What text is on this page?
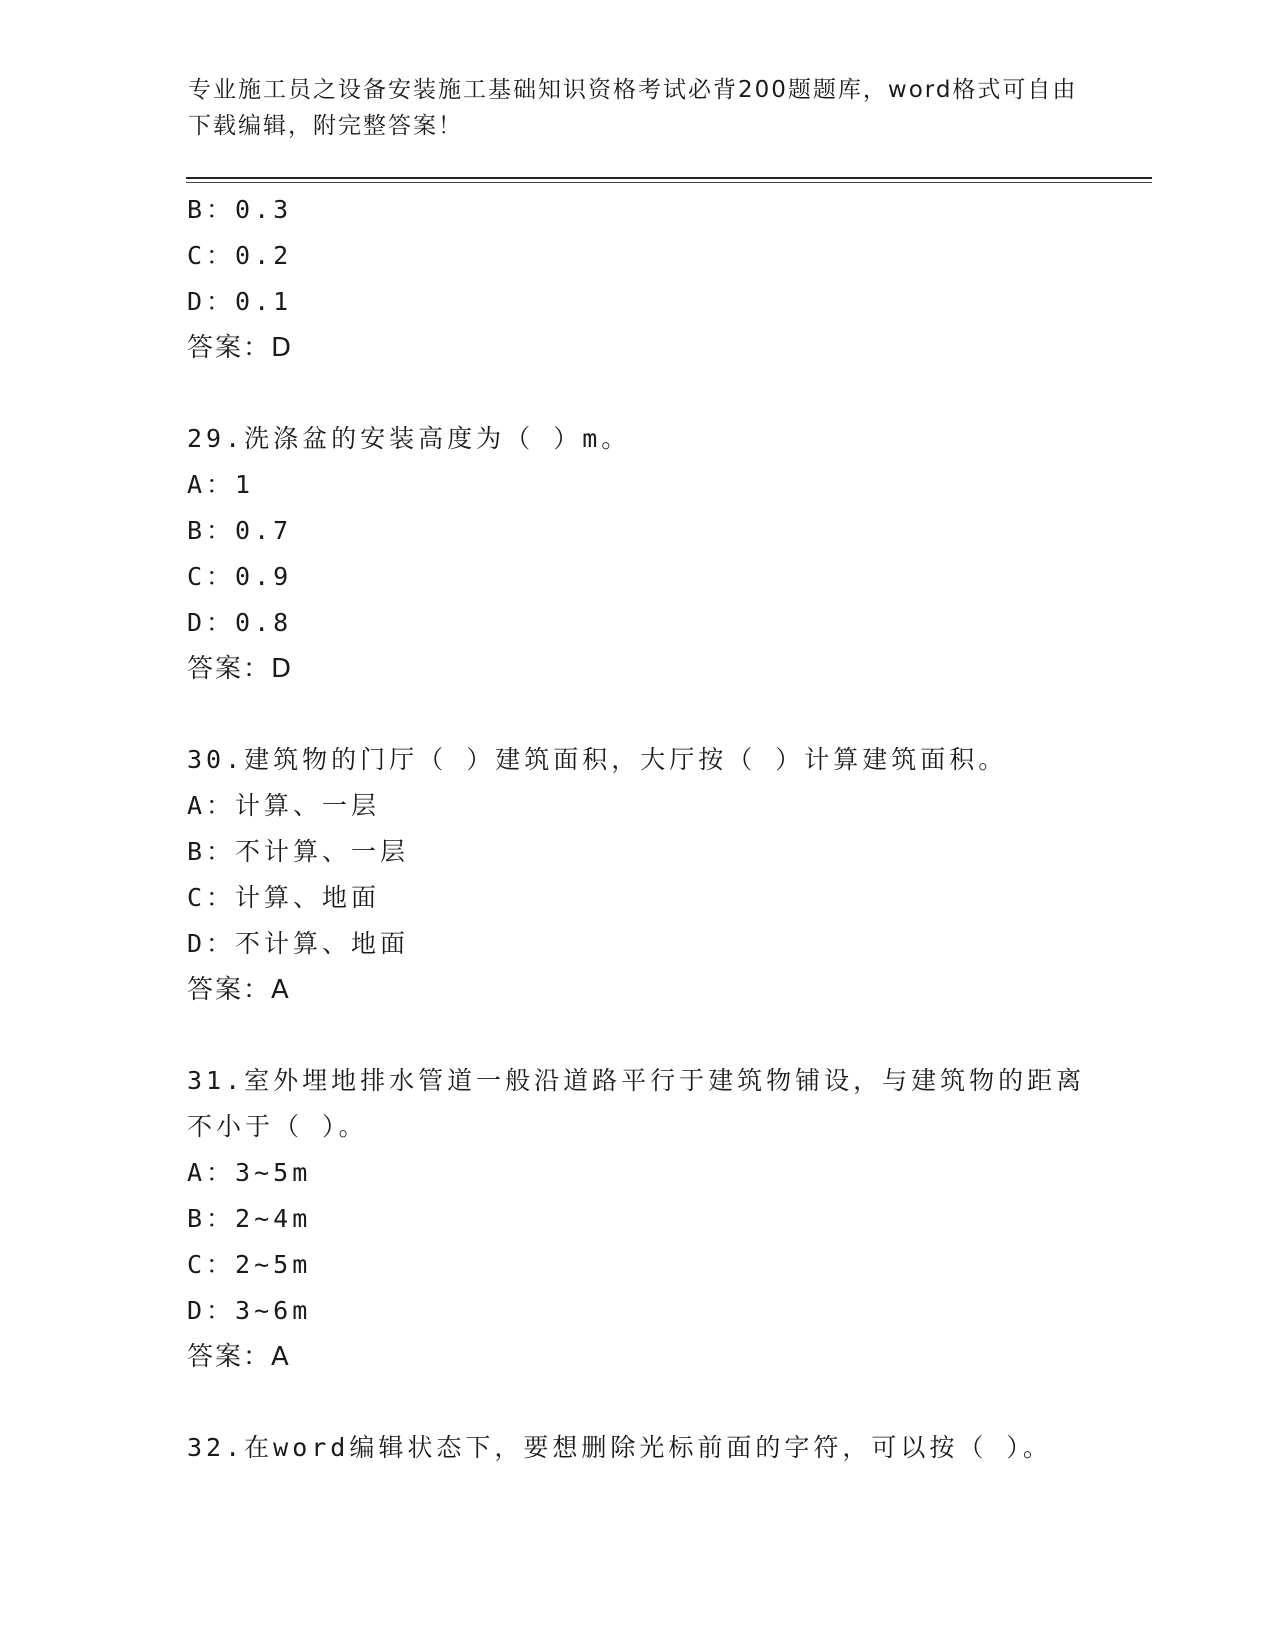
专业施工员之设备安装施工基础知识资格考试必背200题题库，word格式可自由下载编辑，附完整答案！
B：0.3
C：0.2
D：0.1
答案：D
29.洗涤盆的安装高度为（ ）m。
A：1
B：0.7
C：0.9
D：0.8
答案：D
30.建筑物的门厅（ ）建筑面积，大厅按（ ）计算建筑面积。
A：计算、一层
B：不计算、一层
C：计算、地面
D：不计算、地面
答案：A
31.室外埋地排水管道一般沿道路平行于建筑物铺设，与建筑物的距离不小于（ ）。
A：3~5m
B：2~4m
C：2~5m
D：3~6m
答案：A
32.在word编辑状态下，要想删除光标前面的字符，可以按（ ）。
